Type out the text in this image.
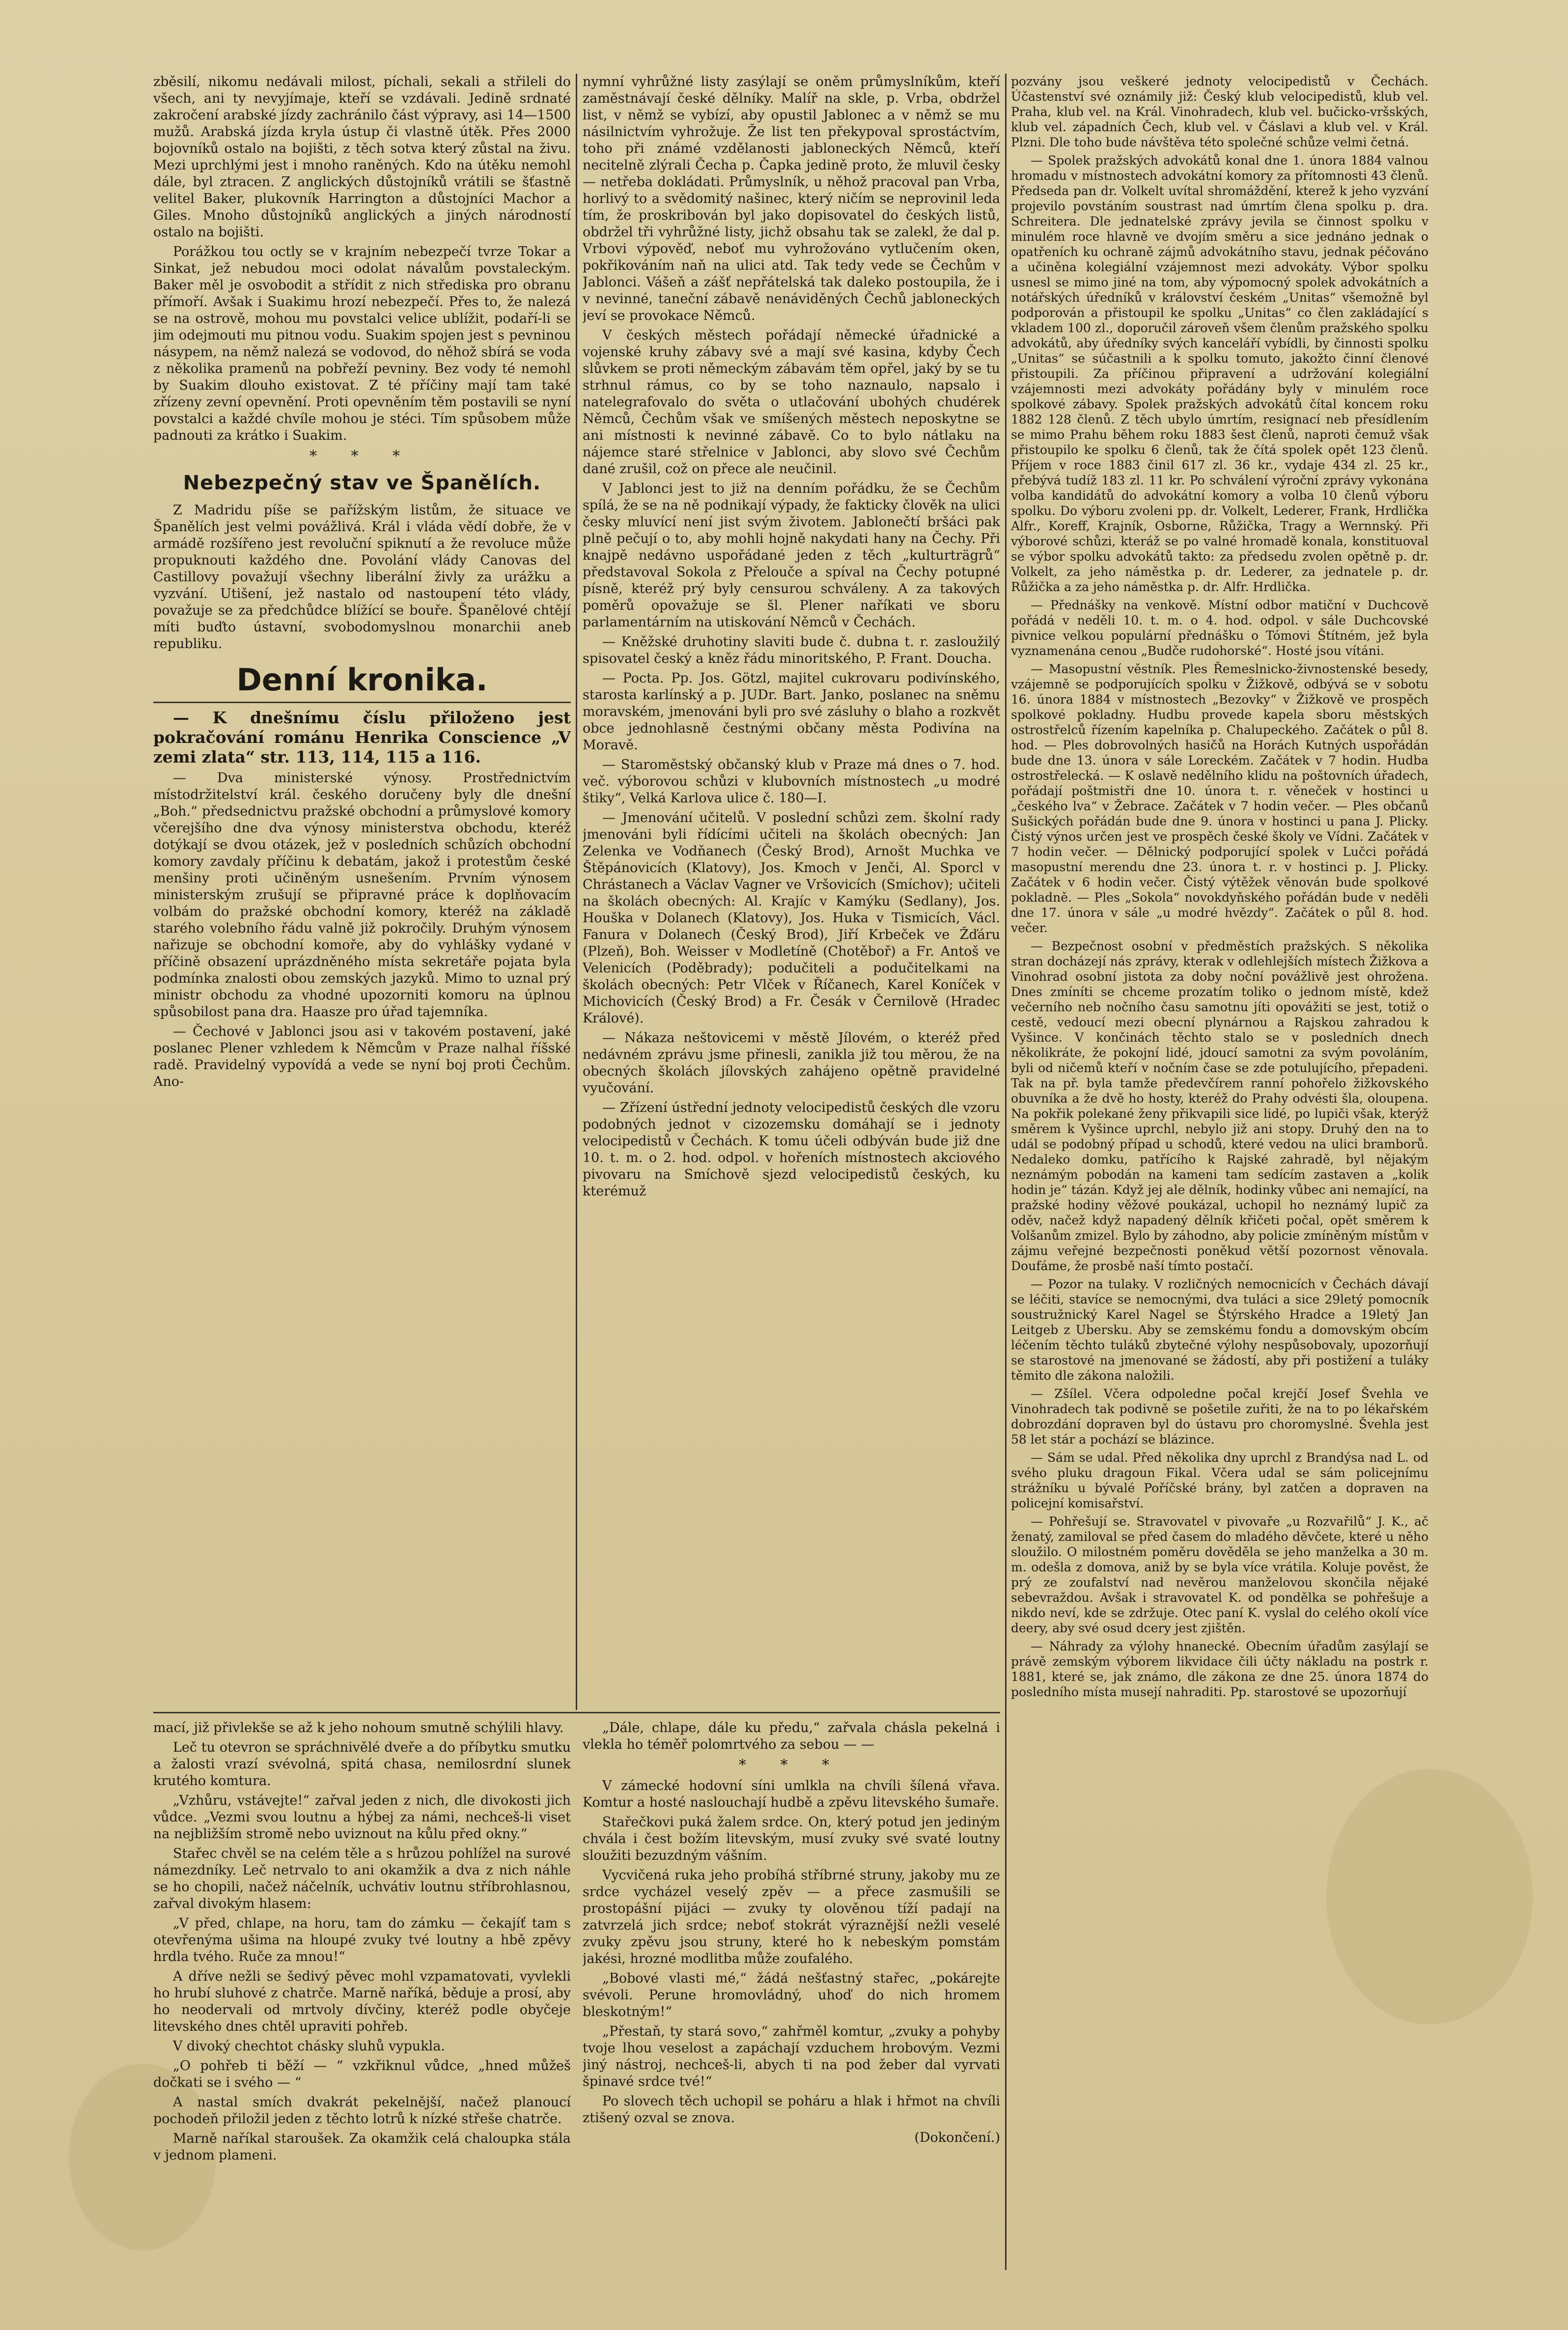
zběsilí, nikomu nedávali milost, píchali, sekali a střileli do všech, ani ty nevyjímaje, kteří se vzdávali. Jedině srdnaté zakročení arabské jízdy zachránilo část výpravy, asi 14—1500 mužů. Arabská jízda kryla ústup či vlastně útěk. Přes 2000 bojovníků ostalo na bojišti, z těch sotva který zůstal na živu. Mezi uprchlými jest i mnoho raněných. Kdo na útěku nemohl dále, byl ztracen. Z anglických důstojníků vrátili se šťastně velitel Baker, plukovník Harrington a důstojníci Machor a Giles. Mnoho důstojníků anglických a jiných národností ostalo na bojišti.

Porážkou tou octly se v krajním nebezpečí tvrze Tokar a Sinkat, jež nebudou moci odolat návalům povstaleckým. Baker měl je osvobodit a střídit z nich střediska pro obranu přímoří. Avšak i Suakimu hrozí nebezpečí. Přes to, že nalezá se na ostrově, mohou mu povstalci velice ublížit, podaří-li se jim odejmouti mu pitnou vodu. Suakim spojen jest s pevninou násypem, na němž nalezá se vodovod, do něhož sbírá se voda z několika pramenů na pobřeží pevniny. Bez vody té nemohl by Suakim dlouho existovat. Z té příčiny mají tam také zřízeny zevní opevnění. Proti opevněním těm postavili se nyní povstalci a každé chvíle mohou je stéci. Tím spůsobem může padnouti za krátko i Suakim.

* * *
Nebezpečný stav ve Španělích.

Z Madridu píše se pařížským listům, že situace ve Španělích jest velmi povážlivá. Král i vláda vědí dobře, že v armádě rozšířeno jest revoluční spiknutí a že revoluce může propuknouti každého dne. Povolání vlády Canovas del Castillovy považují všechny liberální živly za urážku a vyzvání. Utišení, jež nastalo od nastoupení této vlády, považuje se za předchůdce blížící se bouře. Španělové chtějí míti buďto ústavní, svobodomyslnou monarchii aneb republiku.

Denní kronika.

— K dnešnímu číslu přiloženo jest pokračování románu Henrika Conscience „V zemi zlata“ str. 113, 114, 115 a 116.

— Dva ministerské výnosy. Prostřednictvím místodržitelství král. českého doručeny byly dle dnešní „Boh.“ předsednictvu pražské obchodní a průmyslové komory včerejšího dne dva výnosy ministerstva obchodu, kteréž dotýkají se dvou otázek, jež v posledních schůzích obchodní komory zavdaly příčinu k debatám, jakož i protestům české menšiny proti učiněným usnešením. Prvním výnosem ministerským zrušují se připravné práce k doplňovacím volbám do pražské obchodní komory, kteréž na základě starého volebního řádu valně již pokročily. Druhým výnosem nařizuje se obchodní komoře, aby do vyhlášky vydané v příčině obsazení uprázdněného místa sekretáře pojata byla podmínka znalosti obou zemských jazyků. Mimo to uznal prý ministr obchodu za vhodné upozorniti komoru na úplnou spůsobilost pana dra. Haasze pro úřad tajemníka.

— Čechové v Jablonci jsou asi v takovém postavení, jaké poslanec Plener vzhledem k Němcům v Praze nalhal říšské radě. Pravidelný vypovídá a vede se nyní boj proti Čechům. Ano-

nymní vyhrůžné listy zasýlají se oněm průmyslníkům, kteří zaměstnávají české dělníky. Malíř na skle, p. Vrba, obdržel list, v němž se vybízí, aby opustil Jablonec a v němž se mu násilnictvím vyhrožuje. Že list ten překypoval sprostáctvím, toho při známé vzdělanosti jabloneckých Němců, kteří necitelně zlýrali Čecha p. Čapka jedině proto, že mluvil česky — netřeba dokládati. Průmyslník, u něhož pracoval pan Vrba, horlivý to a svědomitý našinec, který ničím se neprovinil leda tím, že proskribován byl jako dopisovatel do českých listů, obdržel tři vyhrůžné listy, jichž obsahu tak se zalekl, že dal p. Vrbovi výpověď, neboť mu vyhrožováno vytlučením oken, pokřikováním naň na ulici atd. Tak tedy vede se Čechům v Jablonci. Vášeň a zášť nepřátelská tak daleko postoupila, že i v nevinné, taneční zábavě nenáviděných Čechů jabloneckých jeví se provokace Němců.

V českých městech pořádají německé úřadnické a vojenské kruhy zábavy své a mají své kasina, kdyby Čech slůvkem se proti německým zábavám těm opřel, jaký by se tu strhnul rámus, co by se toho naznaulo, napsalo i natelegrafovalo do světa o utlačování ubohých chudérek Němců, Čechům však ve smíšených městech neposkytne se ani místnosti k nevinné zábavě. Co to bylo nátlaku na nájemce staré střelnice v Jablonci, aby slovo své Čechům dané zrušil, což on přece ale neučinil.

V Jablonci jest to již na denním pořádku, že se Čechům spílá, že se na ně podnikají výpady, že fakticky člověk na ulici česky mluvící není jist svým životem. Jablonečtí bršáci pak plně pečují o to, aby mohli hojně nakydati hany na Čechy. Při knajpě nedávno uspořádané jeden z těch „kulturträgrů“ představoval Sokola z Přelouče a spíval na Čechy potupné písně, kteréž prý byly censurou schváleny. A za takových poměrů opovažuje se šl. Plener naříkati ve sboru parlamentárním na utiskování Němců v Čechách.

— Kněžské druhotiny slaviti bude č. dubna t. r. zasloužilý spisovatel český a kněz řádu minoritského, P. Frant. Doucha.

— Pocta. Pp. Jos. Götzl, majitel cukrovaru podivínského, starosta karlínský a p. JUDr. Bart. Janko, poslanec na sněmu moravském, jmenováni byli pro své zásluhy o blaho a rozkvět obce jednohlasně čestnými občany města Podivína na Moravě.

— Staroměstský občanský klub v Praze má dnes o 7. hod. več. výborovou schůzi v klubovních místnostech „u modré štiky“, Velká Karlova ulice č. 180—I.

— Jmenování učitelů. V poslední schůzi zem. školní rady jmenováni byli řídícími učiteli na školách obecných: Jan Zelenka ve Vodňanech (Český Brod), Arnošt Muchka ve Štěpánovicích (Klatovy), Jos. Kmoch v Jenči, Al. Sporcl v Chrástanech a Václav Vagner ve Vršovicích (Smíchov); učiteli na školách obecných: Al. Krajíc v Kamýku (Sedlany), Jos. Houška v Dolanech (Klatovy), Jos. Huka v Tismicích, Václ. Fanura v Dolanech (Český Brod), Jiří Krbeček ve Žďáru (Plzeň), Boh. Weisser v Modletíně (Chotěboř) a Fr. Antoš ve Velenicích (Poděbrady); podučiteli a podučitelkami na školách obecných: Petr Vlček v Říčanech, Karel Koníček v Michovicích (Český Brod) a Fr. Česák v Černilově (Hradec Králové).

— Nákaza neštovicemi v městě Jílovém, o kteréž před nedávném zprávu jsme přinesli, zanikla již tou měrou, že na obecných školách jílovských zahájeno opětně pravidelné vyučování.

— Zřízení ústřední jednoty velocipedistů českých dle vzoru podobných jednot v cizozemsku domáhají se i jednoty velocipedistů v Čechách. K tomu účeli odbýván bude již dne 10. t. m. o 2. hod. odpol. v hořeních místnostech akciového pivovaru na Smíchově sjezd velocipedistů českých, ku kterémuž

mací, již přivlekše se až k jeho nohoum smutně schýlili hlavy.

Leč tu otevron se spráchnivělé dveře a do příbytku smutku a žalosti vrazí svévolná, spitá chasa, nemilosrdní slunek krutého komtura.

„Vzhůru, vstávejte!“ zařval jeden z nich, dle divokosti jich vůdce. „Vezmi svou loutnu a hýbej za námi, nechceš-li viset na nejbližším stromě nebo uviznout na kůlu před okny.“

Stařec chvěl se na celém těle a s hrůzou pohlížel na surové námezdníky. Leč netrvalo to ani okamžik a dva z nich náhle se ho chopili, načež náčelník, uchvátiv loutnu stříbrohlasnou, zařval divokým hlasem:

„V před, chlape, na horu, tam do zámku — čekajíť tam s otevřenýma ušima na hloupé zvuky tvé loutny a hbě zpěvy hrdla tvého. Ruče za mnou!“

A dříve nežli se šedivý pěvec mohl vzpamatovati, vyvlekli ho hrubí sluhové z chatrče. Marně naříká, běduje a prosí, aby ho neodervali od mrtvoly dívčiny, kteréž podle obyčeje litevského dnes chtěl upraviti pohřeb.

V divoký chechtot chásky sluhů vypukla.

„O pohřeb ti běží — “ vzkřiknul vůdce, „hned můžeš dočkati se i svého — “

A nastal smích dvakrát pekelnější, načež planoucí pochodeň přiložil jeden z těchto lotrů k nízké střeše chatrče.

Marně naříkal staroušek. Za okamžik celá chaloupka stála v jednom plameni.

„Dále, chlape, dále ku předu,“ zařvala chásla pekelná i vlekla ho téměř polomrtvého za sebou — —

* * *

V zámecké hodovní síni umlkla na chvíli šílená vřava. Komtur a hosté naslouchají hudbě a zpěvu litevského šumaře.

Stařečkovi puká žalem srdce. On, který potud jen jediným chvála i čest božím litevským, musí zvuky své svaté loutny sloužiti bezuzdným vášním.

Vycvičená ruka jeho probíhá stříbrné struny, jakoby mu ze srdce vycházel veselý zpěv — a přece zasmušili se prostopášní pijáci — zvuky ty olověnou tíží padají na zatvrzelá jich srdce; neboť stokrát výraznější nežli veselé zvuky zpěvu jsou struny, které ho k nebeským pomstám jakési, hrozné modlitba může zoufalého.

„Bobové vlasti mé,“ žádá nešťastný stařec, „pokárejte svévoli. Perune hromovládný, uhoď do nich hromem bleskotným!“

„Přestaň, ty stará sovo,“ zahřměl komtur, „zvuky a pohyby tvoje lhou veselost a zapáchají vzduchem hrobovým. Vezmi jiný nástroj, nechceš-li, abych ti na pod žeber dal vyrvati špinavé srdce tvé!“

Po slovech těch uchopil se poháru a hlak i hřmot na chvíli ztišený ozval se znova.

(Dokončení.)

pozvány jsou veškeré jednoty velocipedistů v Čechách. Účastenství své oznámily již: Český klub velocipedistů, klub vel. Praha, klub vel. na Král. Vinohradech, klub vel. bučicko-vršských, klub vel. západních Čech, klub vel. v Čáslavi a klub vel. v Král. Plzni. Dle toho bude návštěva této společné schůze velmi četná.

— Spolek pražských advokátů konal dne 1. února 1884 valnou hromadu v místnostech advokátní komory za přítomnosti 43 členů. Předseda pan dr. Volkelt uvítal shromáždění, kterež k jeho vyzvání projevilo povstáním soustrast nad úmrtím člena spolku p. dra. Schreitera. Dle jednatelské zprávy jevila se činnost spolku v minulém roce hlavně ve dvojím směru a sice jednáno jednak o opatřeních ku ochraně zájmů advokátního stavu, jednak péčováno a učiněna kolegiální vzájemnost mezi advokáty. Výbor spolku usnesl se mimo jiné na tom, aby výpomocný spolek advokátních a notářských úředníků v království českém „Unitas“ všemožně byl podporován a přistoupil ke spolku „Unitas“ co člen zakládající s vkladem 100 zl., doporučil zároveň všem členům pražského spolku advokátů, aby úředníky svých kanceláří vybídli, by činnosti spolku „Unitas“ se súčastnili a k spolku tomuto, jakožto činní členové přistoupili. Za příčinou připravení a udržování kolegiální vzájemnosti mezi advokáty pořádány byly v minulém roce spolkové zábavy. Spolek pražských advokátů čítal koncem roku 1882 128 členů. Z těch ubylo úmrtím, resignací neb přesídlením se mimo Prahu během roku 1883 šest členů, naproti čemuž však přistoupilo ke spolku 6 členů, tak že čítá spolek opět 123 členů. Příjem v roce 1883 činil 617 zl. 36 kr., vydaje 434 zl. 25 kr., přebývá tudíž 183 zl. 11 kr. Po schválení výroční zprávy vykonána volba kandidátů do advokátní komory a volba 10 členů výboru spolku. Do výboru zvoleni pp. dr. Volkelt, Lederer, Frank, Hrdlička Alfr., Koreff, Krajník, Osborne, Růžička, Tragy a Wernnský. Při výborové schůzi, kteráž se po valné hromadě konala, konstituoval se výbor spolku advokátů takto: za předsedu zvolen opětně p. dr. Volkelt, za jeho náměstka p. dr. Lederer, za jednatele p. dr. Růžička a za jeho náměstka p. dr. Alfr. Hrdlička.

— Přednášky na venkově. Místní odbor matiční v Duchcově pořádá v neděli 10. t. m. o 4. hod. odpol. v sále Duchcovské pivnice velkou populární přednášku o Tómovi Štítném, jež byla vyznamenána cenou „Budče rudohorské“. Hosté jsou vítáni.

— Masopustní věstník. Ples Řemeslnicko-živnostenské besedy, vzájemně se podporujících spolku v Žižkově, odbývá se v sobotu 16. února 1884 v místnostech „Bezovky“ v Žižkově ve prospěch spolkové pokladny. Hudbu provede kapela sboru městských ostrostřelců řízením kapelníka p. Chalupeckého. Začátek o půl 8. hod. — Ples dobrovolných hasičů na Horách Kutných uspořádán bude dne 13. února v sále Loreckém. Začátek v 7 hodin. Hudba ostrostřelecká. — K oslavě nedělního klidu na poštovních úřadech, pořádají poštmistři dne 10. února t. r. věneček v hostinci u „českého lva“ v Žebrace. Začátek v 7 hodin večer. — Ples občanů Sušických pořádán bude dne 9. února v hostinci u pana J. Plicky. Čistý výnos určen jest ve prospěch české školy ve Vídni. Začátek v 7 hodin večer. — Dělnický podporující spolek v Lučci pořádá masopustní merendu dne 23. února t. r. v hostinci p. J. Plicky. Začátek v 6 hodin večer. Čistý výtěžek věnován bude spolkové pokladně. — Ples „Sokola“ novokdyňského pořádán bude v neděli dne 17. února v sále „u modré hvězdy“. Začátek o půl 8. hod. večer.

— Bezpečnost osobní v předměstích pražských. S několika stran docházejí nás zprávy, kterak v odlehlejších místech Žižkova a Vinohrad osobní jistota za doby noční povážlivě jest ohrožena. Dnes zmíníti se chceme prozatím toliko o jednom místě, kdež večerního neb nočního času samotnu jíti opovážiti se jest, totiž o cestě, vedoucí mezi obecní plynárnou a Rajskou zahradou k Vyšince. V končinách těchto stalo se v posledních dnech několikráte, že pokojní lidé, jdoucí samotni za svým povoláním, byli od ničemů kteří v nočním čase se zde potulujícího, přepadeni. Tak na př. byla tamže předevčírem ranní pohořelo žižkovského obuvníka a že dvě ho hosty, kteréž do Prahy odvésti šla, oloupena. Na pokřik polekané ženy přikvapili sice lidé, po lupiči však, kterýž směrem k Vyšince uprchl, nebylo již ani stopy. Druhý den na to udál se podobný případ u schodů, které vedou na ulici bramborů. Nedaleko domku, patřícího k Rajské zahradě, byl nějakým neznámým pobodán na kameni tam sedícím zastaven a „kolik hodin je“ tázán. Když jej ale dělník, hodinky vůbec ani nemající, na pražské hodiny věžové poukázal, uchopil ho neznámý lupič za oděv, načež když napadený dělník křičeti počal, opět směrem k Volšanům zmizel. Bylo by záhodno, aby policie zmíněným místům v zájmu veřejné bezpečnosti poněkud větší pozornost věnovala. Doufáme, že prosbě naší tímto postačí.

— Pozor na tulaky. V rozličných nemocnicích v Čechách dávají se léčiti, stavíce se nemocnými, dva tuláci a sice 29letý pomocník soustružnický Karel Nagel se Štýrského Hradce a 19letý Jan Leitgeb z Ubersku. Aby se zemskému fondu a domovským obcím léčením těchto tuláků zbytečné výlohy nespůsobovaly, upozorňují se starostové na jmenované se žádostí, aby při postižení a tuláky těmito dle zákona naložili.

— Zšílel. Včera odpoledne počal krejčí Josef Švehla ve Vinohradech tak podivně se pošetile zuřiti, že na to po lékařském dobrozdání dopraven byl do ústavu pro choromyslné. Švehla jest 58 let stár a pochází se blázince.

— Sám se udal. Před několika dny uprchl z Brandýsa nad L. od svého pluku dragoun Fikal. Včera udal se sám policejnímu strážníku u bývalé Poříčské brány, byl zatčen a dopraven na policejní komisařství.

— Pohřešují se. Stravovatel v pivovaře „u Rozvařilů“ J. K., ač ženatý, zamiloval se před časem do mladého děvčete, které u něho sloužilo. O milostném poměru dověděla se jeho manželka a 30 m. m. odešla z domova, aniž by se byla více vrátila. Koluje pověst, že prý ze zoufalství nad nevěrou manželovou skončila nějaké sebevraždou. Avšak i stravovatel K. od pondělka se pohřešuje a nikdo neví, kde se zdržuje. Otec paní K. vyslal do celého okolí více deery, aby své osud dcery jest zjištěn.

— Náhrady za výlohy hnanecké. Obecním úřadům zasýlají se právě zemským výborem likvidace čili účty nákladu na postrk r. 1881, které se, jak známo, dle zákona ze dne 25. února 1874 do posledního místa musejí nahraditi. Pp. starostové se upozorňují
